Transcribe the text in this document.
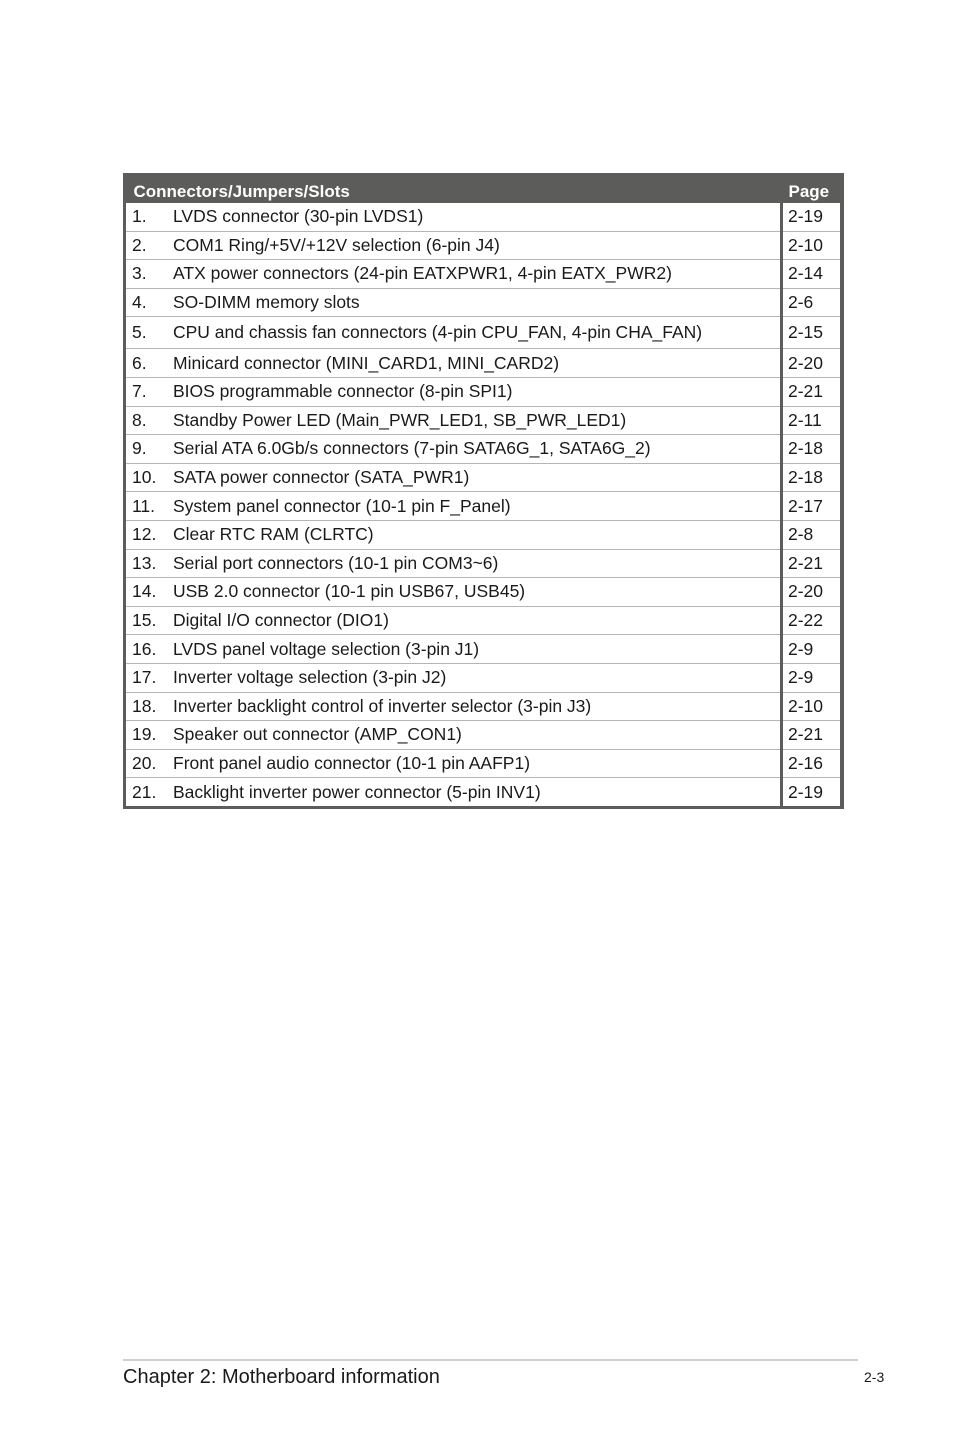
Connectors/Jumpers/Slots	Page
1. LVDS connector (30-pin LVDS1)	2-19
2. COM1 Ring/+5V/+12V selection (6-pin J4)	2-10
3. ATX power connectors (24-pin EATXPWR1, 4-pin EATX_PWR2)	2-14
4. SO-DIMM memory slots	2-6
5. CPU and chassis fan connectors (4-pin CPU_FAN, 4-pin CHA_FAN)	2-15
6. Minicard connector (MINI_CARD1, MINI_CARD2)	2-20
7. BIOS programmable connector (8-pin SPI1)	2-21
8. Standby Power LED (Main_PWR_LED1, SB_PWR_LED1)	2-11
9. Serial ATA 6.0Gb/s connectors (7-pin SATA6G_1, SATA6G_2)	2-18
10. SATA power connector (SATA_PWR1)	2-18
11. System panel connector (10-1 pin F_Panel)	2-17
12. Clear RTC RAM (CLRTC)	2-8
13. Serial port connectors (10-1 pin COM3~6)	2-21
14. USB 2.0 connector (10-1 pin USB67, USB45)	2-20
15. Digital I/O connector (DIO1)	2-22
16. LVDS panel voltage selection (3-pin J1)	2-9
17. Inverter voltage selection (3-pin J2)	2-9
18. Inverter backlight control of inverter selector (3-pin J3)	2-10
19. Speaker out connector (AMP_CON1)	2-21
20. Front panel audio connector (10-1 pin AAFP1)	2-16
21. Backlight inverter power connector (5-pin INV1)	2-19
Chapter 2: Motherboard information	2-3
